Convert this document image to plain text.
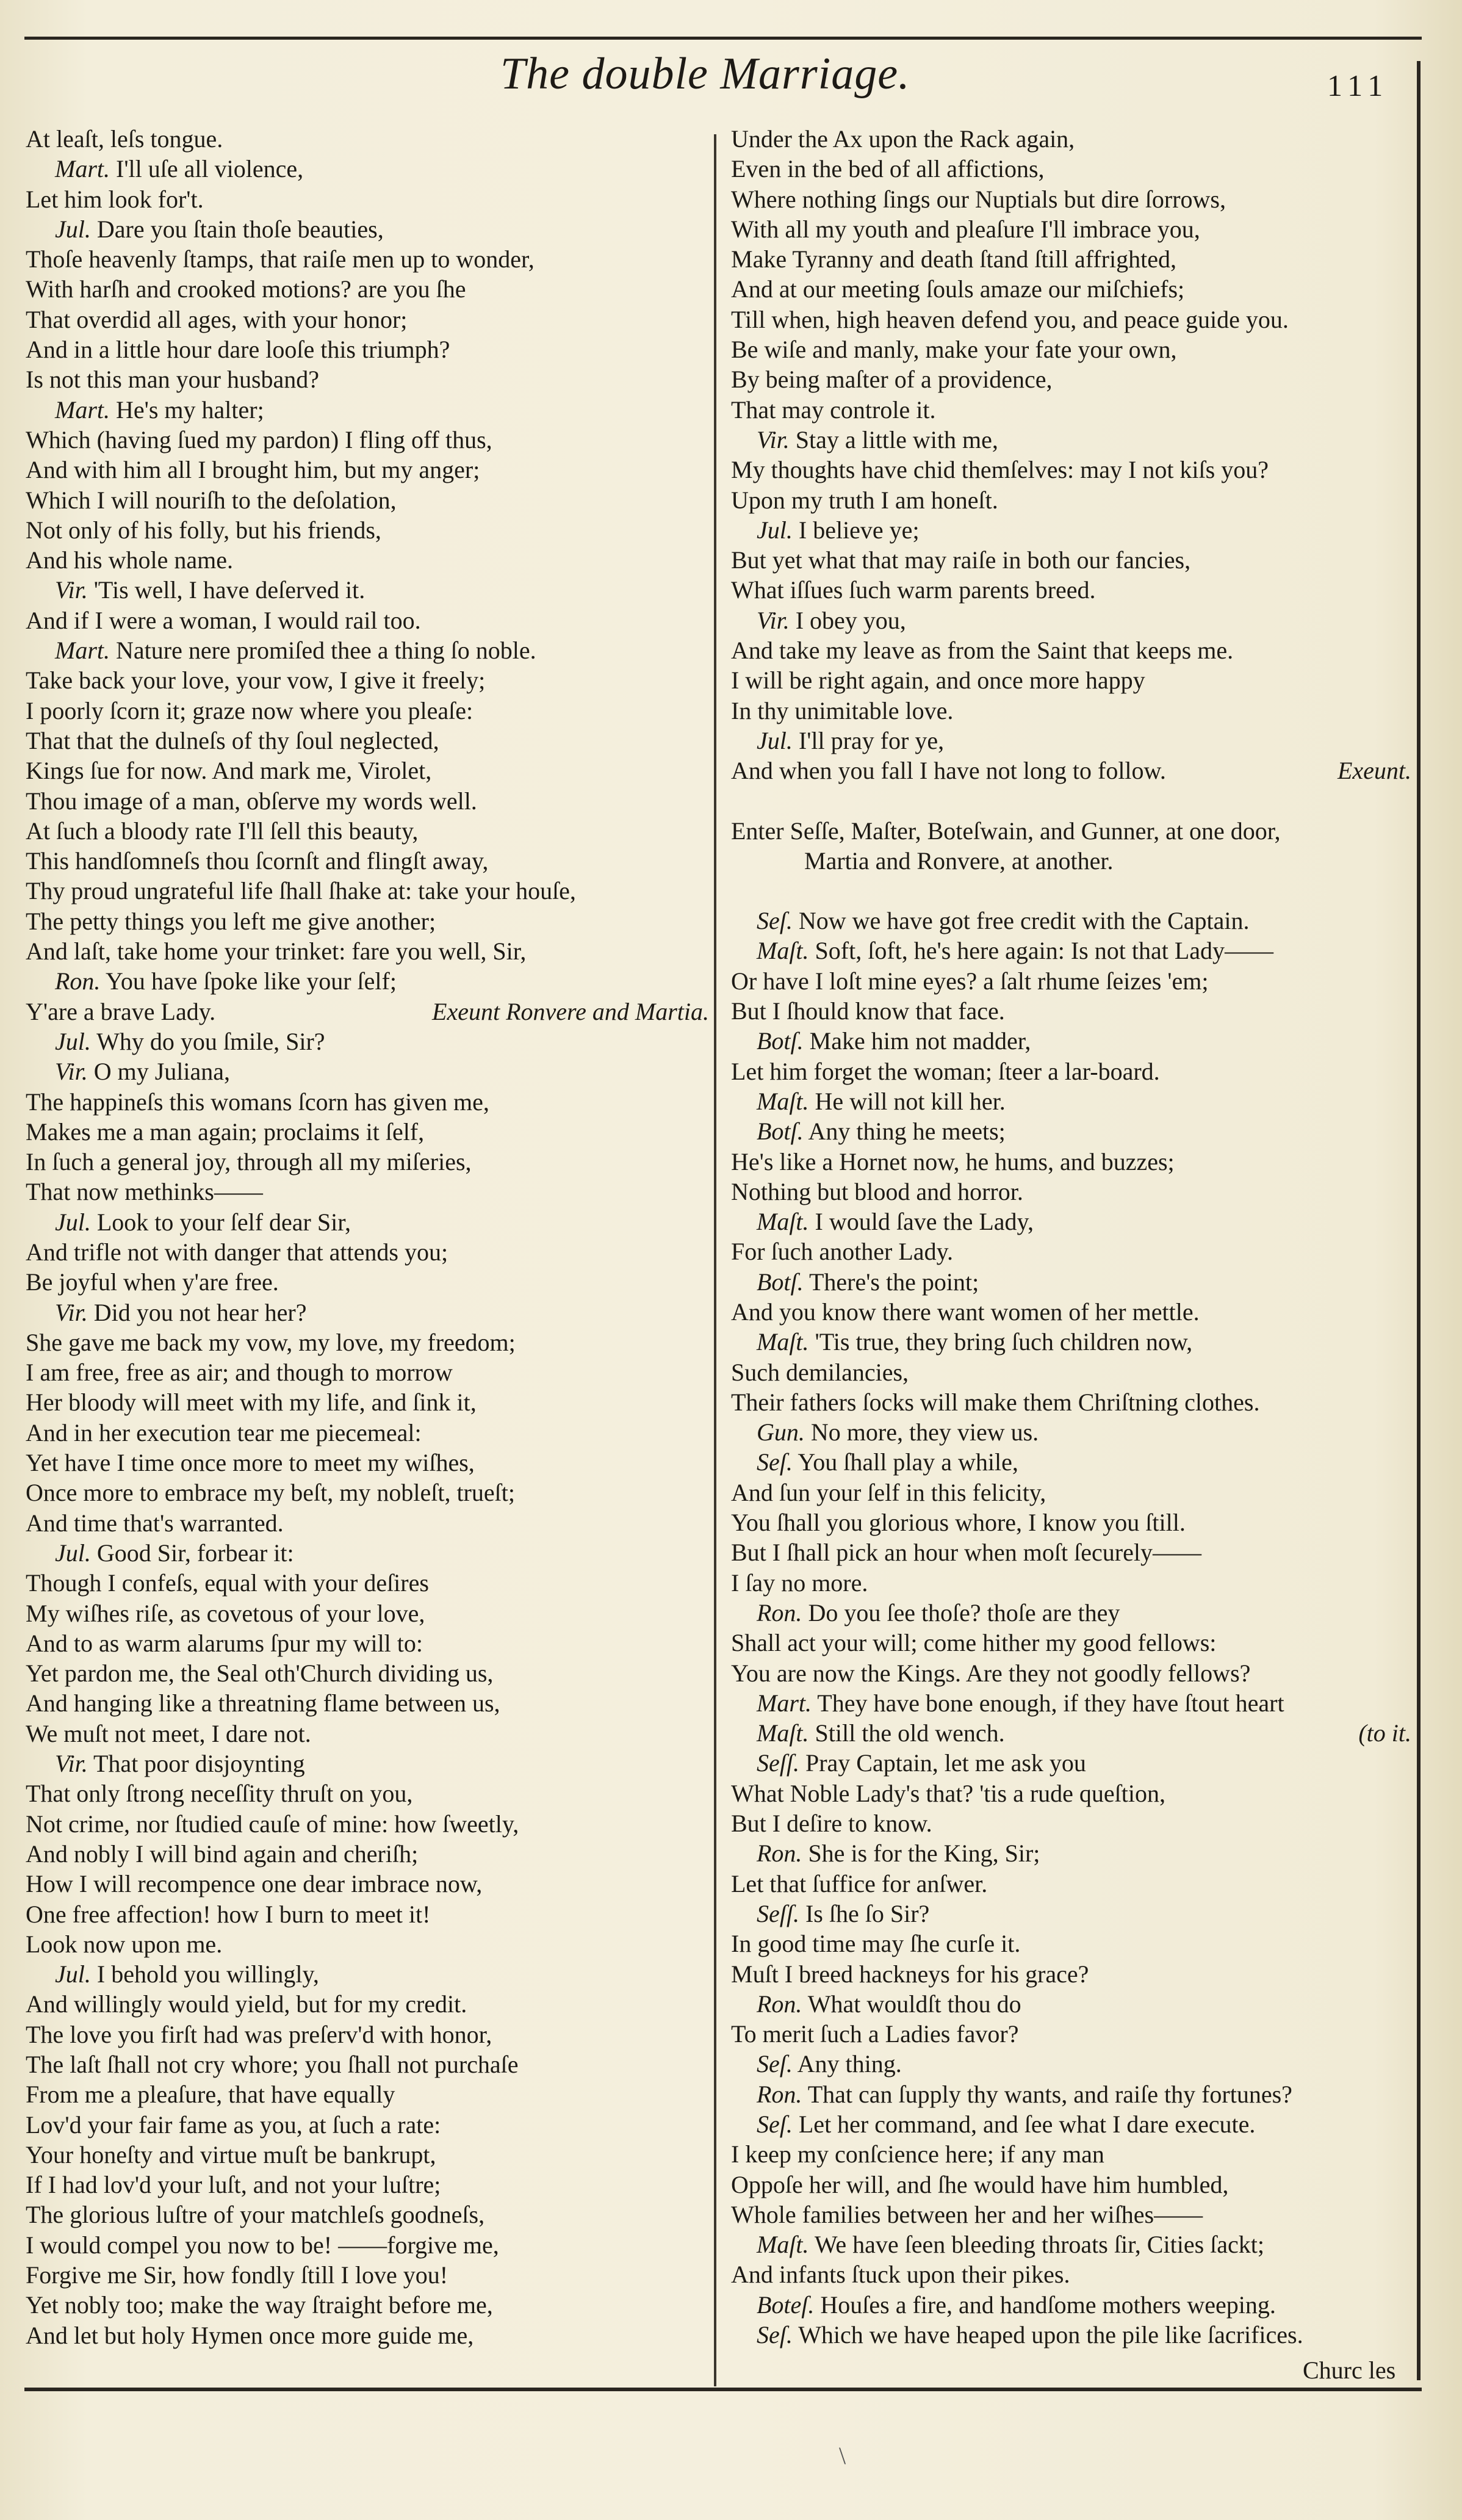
The double Marriage.	111
At leaſt, leſs tongue.
Mart. I'll uſe all violence,
Let him look for't.
Jul. Dare you ſtain thoſe beauties,
Thoſe heavenly ſtamps, that raiſe men up to wonder,
With harſh and crooked motions? are you ſhe
That overdid all ages, with your honor;
And in a little hour dare looſe this triumph?
Is not this man your husband?
Mart. He's my halter;
Which (having ſued my pardon) I fling off thus,
And with him all I brought him, but my anger;
Which I will nouriſh to the deſolation,
Not only of his folly, but his friends,
And his whole name.
Vir. 'Tis well, I have deſerved it.
And if I were a woman, I would rail too.
Mart. Nature nere promiſed thee a thing ſo noble.
Take back your love, your vow, I give it freely;
I poorly ſcorn it; graze now where you pleaſe:
That that the dulneſs of thy ſoul neglected,
Kings ſue for now. And mark me, Virolet,
Thou image of a man, obſerve my words well.
At ſuch a bloody rate I'll ſell this beauty,
This handſomneſs thou ſcornſt and flingſt away,
Thy proud ungrateful life ſhall ſhake at: take your houſe,
The petty things you left me give another;
And laſt, take home your trinket: fare you well, Sir,
Ron. You have ſpoke like your ſelf;
Y'are a brave Lady.	Exeunt Ronvere and Martia.
Jul. Why do you ſmile, Sir?
Vir. O my Juliana,
The happineſs this womans ſcorn has given me,
Makes me a man again; proclaims it ſelf,
In ſuch a general joy, through all my miſeries,
That now methinks——
Jul. Look to your ſelf dear Sir,
And trifle not with danger that attends you;
Be joyful when y'are free.
Vir. Did you not hear her?
She gave me back my vow, my love, my freedom;
I am free, free as air; and though to morrow
Her bloody will meet with my life, and ſink it,
And in her execution tear me piecemeal:
Yet have I time once more to meet my wiſhes,
Once more to embrace my beſt, my nobleſt, trueſt;
And time that's warranted.
Jul. Good Sir, forbear it:
Though I confeſs, equal with your deſires
My wiſhes riſe, as covetous of your love,
And to as warm alarums ſpur my will to:
Yet pardon me, the Seal oth'Church dividing us,
And hanging like a threatning flame between us,
We muſt not meet, I dare not.
Vir. That poor disjoynting
That only ſtrong neceſſity thruſt on you,
Not crime, nor ſtudied cauſe of mine: how ſweetly,
And nobly I will bind again and cheriſh;
How I will recompence one dear imbrace now,
One free affection! how I burn to meet it!
Look now upon me.
Jul. I behold you willingly,
And willingly would yield, but for my credit.
The love you firſt had was preſerv'd with honor,
The laſt ſhall not cry whore; you ſhall not purchaſe
From me a pleaſure, that have equally
Lov'd your fair fame as you, at ſuch a rate:
Your honeſty and virtue muſt be bankrupt,
If I had lov'd your luſt, and not your luſtre;
The glorious luſtre of your matchleſs goodneſs,
I would compel you now to be! ——forgive me,
Forgive me Sir, how fondly ſtill I love you!
Yet nobly too; make the way ſtraight before me,
And let but holy Hymen once more guide me,
Under the Ax upon the Rack again,
Even in the bed of all affictions,
Where nothing ſings our Nuptials but dire ſorrows,
With all my youth and pleaſure I'll imbrace you,
Make Tyranny and death ſtand ſtill affrighted,
And at our meeting ſouls amaze our miſchiefs;
Till when, high heaven defend you, and peace guide you.
Be wiſe and manly, make your fate your own,
By being maſter of a providence,
That may controle it.
Vir. Stay a little with me,
My thoughts have chid themſelves: may I not kiſs you?
Upon my truth I am honeſt.
Jul. I believe ye;
But yet what that may raiſe in both our fancies,
What iſſues ſuch warm parents breed.
Vir. I obey you,
And take my leave as from the Saint that keeps me.
I will be right again, and once more happy
In thy unimitable love.
Jul. I'll pray for ye,
And when you fall I have not long to follow.	Exeunt.
Enter Seſſe, Maſter, Boteſwain, and Gunner, at one door,
Martia and Ronvere, at another.
Seſ. Now we have got free credit with the Captain.
Maſt. Soft, ſoft, he's here again: Is not that Lady——
Or have I loſt mine eyes? a ſalt rhume ſeizes 'em;
But I ſhould know that face.
Botſ. Make him not madder,
Let him forget the woman; ſteer a lar-board.
Maſt. He will not kill her.
Botſ. Any thing he meets;
He's like a Hornet now, he hums, and buzzes;
Nothing but blood and horror.
Maſt. I would ſave the Lady,
For ſuch another Lady.
Botſ. There's the point;
And you know there want women of her mettle.
Maſt. 'Tis true, they bring ſuch children now,
Such demilancies,
Their fathers ſocks will make them Chriſtning clothes.
Gun. No more, they view us.
Seſ. You ſhall play a while,
And ſun your ſelf in this felicity,
You ſhall you glorious whore, I know you ſtill.
But I ſhall pick an hour when moſt ſecurely——
I ſay no more.
Ron. Do you ſee thoſe? thoſe are they
Shall act your will; come hither my good fellows:
You are now the Kings. Are they not goodly fellows?
Mart. They have bone enough, if they have ſtout heart
Maſt. Still the old wench.	(to it.
Seſſ. Pray Captain, let me ask you
What Noble Lady's that? 'tis a rude queſtion,
But I deſire to know.
Ron. She is for the King, Sir;
Let that ſuffice for anſwer.
Seſſ. Is ſhe ſo Sir?
In good time may ſhe curſe it.
Muſt I breed hackneys for his grace?
Ron. What wouldſt thou do
To merit ſuch a Ladies favor?
Seſ. Any thing.
Ron. That can ſupply thy wants, and raiſe thy fortunes?
Seſ. Let her command, and ſee what I dare execute.
I keep my conſcience here; if any man
Oppoſe her will, and ſhe would have him humbled,
Whole families between her and her wiſhes——
Maſt. We have ſeen bleeding throats ſir, Cities ſackt;
And infants ſtuck upon their pikes.
Boteſ. Houſes a fire, and handſome mothers weeping.
Seſ. Which we have heaped upon the pile like ſacrifices.
Churc les
\
